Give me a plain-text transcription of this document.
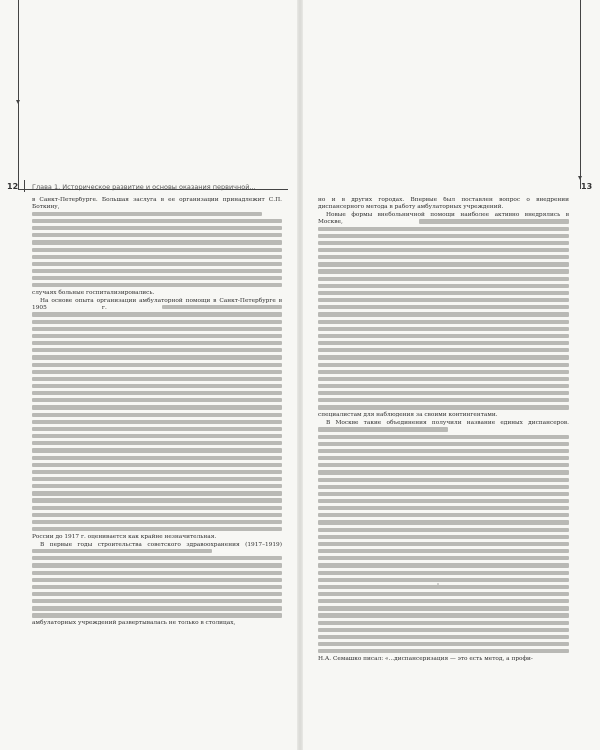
12	13
Глава 1. Историческое развитие и основы оказания первичной...

в Санкт-Петербурге. Большая заслуга в ее организации принадлежит С.П. Боткину,            случаях больные госпитализировались.

На основе опыта организации амбулаторной помощи в Санкт-Петербурге в 1905 г.                                 России до 1917 г. оценивается как крайне незначительная.

В первые годы строительства советского здравоохранения (1917–1919)           амбулаторных учреждений развертывалась не только в столицах,

но и в других городах. Впервые был поставлен вопрос о внедрении диспансерного метода в работу амбулаторных учреждений.

Новые формы внебольничной помощи наиболее активно внедрялись в Москве,                            специалистам для наблюдения за своими контингентами.

В Москве такие объединения получили название единых диспансеров.                                 Н.А. Семашко писал: «...диспансеризация — это есть метод, а профи-
